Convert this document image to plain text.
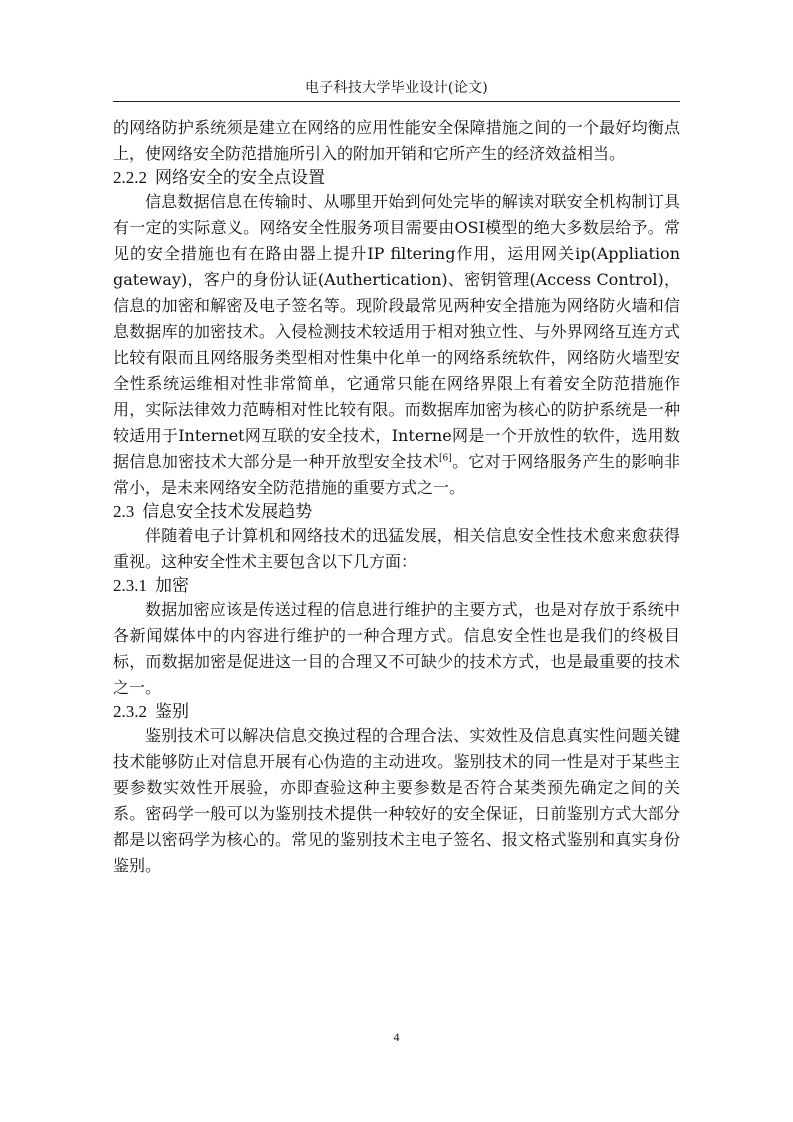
电子科技大学毕业设计(论文)

的网络防护系统须是建立在网络的应用性能安全保障措施之间的一个最好均衡点上，使网络安全防范措施所引入的附加开销和它所产生的经济效益相当。

2.2.2 网络安全的安全点设置

信息数据信息在传输时、从哪里开始到何处完毕的解读对联安全机构制订具有一定的实际意义。网络安全性服务项目需要由OSI模型的绝大多数层给予。常见的安全措施也有在路由器上提升IP filtering作用，运用网关ip(Appliation gateway)，客户的身份认证(Authertication)、密钥管理(Access Control)，信息的加密和解密及电子签名等。现阶段最常见两种安全措施为网络防火墙和信息数据库的加密技术。入侵检测技术较适用于相对独立性、与外界网络互连方式比较有限而且网络服务类型相对性集中化单一的网络系统软件，网络防火墙型安全性系统运维相对性非常简单，它通常只能在网络界限上有着安全防范措施作用，实际法律效力范畴相对性比较有限。而数据库加密为核心的防护系统是一种较适用于Internet网互联的安全技术，Interne网是一个开放性的软件，选用数据信息加密技术大部分是一种开放型安全技术[6]。它对于网络服务产生的影响非常小，是未来网络安全防范措施的重要方式之一。

2.3 信息安全技术发展趋势

伴随着电子计算机和网络技术的迅猛发展，相关信息安全性技术愈来愈获得重视。这种安全性术主要包含以下几方面：

2.3.1 加密

数据加密应该是传送过程的信息进行维护的主要方式，也是对存放于系统中各新闻媒体中的内容进行维护的一种合理方式。信息安全性也是我们的终极目标，而数据加密是促进这一目的合理又不可缺少的技术方式，也是最重要的技术之一。

2.3.2 鉴别

鉴别技术可以解决信息交换过程的合理合法、实效性及信息真实性问题关键技术能够防止对信息开展有心伪造的主动进攻。鉴别技术的同一性是对于某些主要参数实效性开展验，亦即查验这种主要参数是否符合某类预先确定之间的关系。密码学一般可以为鉴别技术提供一种较好的安全保证，日前鉴别方式大部分都是以密码学为核心的。常见的鉴别技术主电子签名、报文格式鉴别和真实身份鉴别。

4
